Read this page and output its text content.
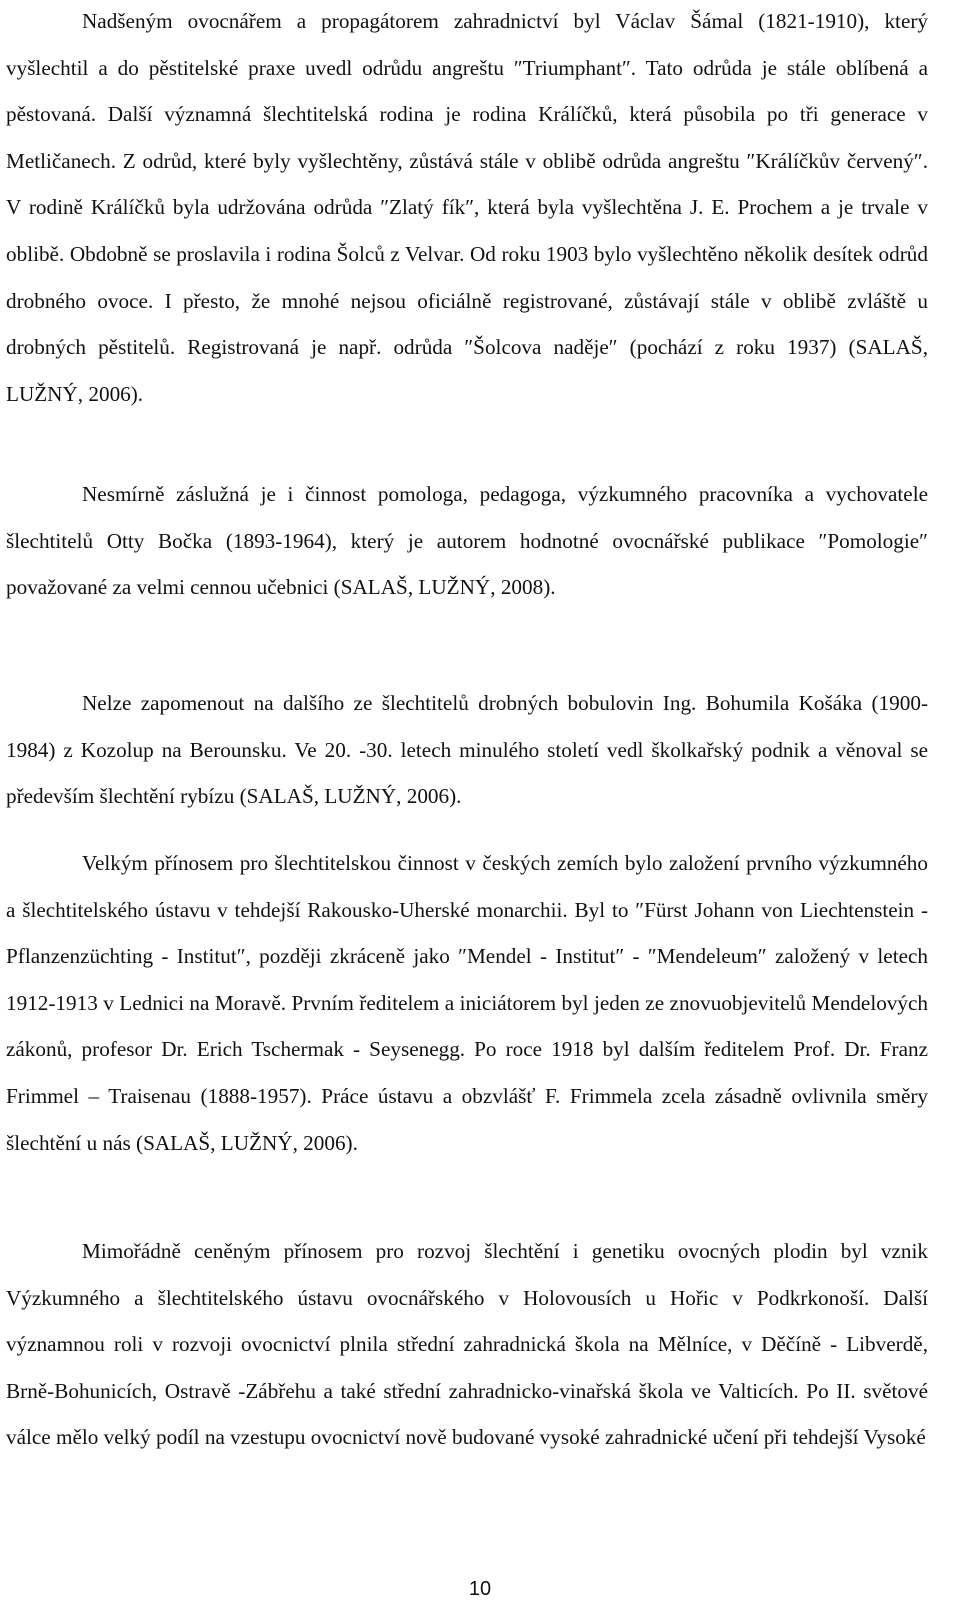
Nadšeným ovocnářem a propagátorem zahradnictví byl Václav Šámal (1821-1910), který vyšlechtil a do pěstitelské praxe uvedl odrůdu angreštu ″Triumphant″. Tato odrůda je stále oblíbená a pěstovaná. Další významná šlechtitelská rodina je rodina Králíčků, která působila po tři generace v Metličanech. Z odrůd, které byly vyšlechtěny, zůstává stále v oblibě odrůda angreštu ″Králíčkův červený″. V rodině Králíčků byla udržována odrůda ″Zlatý fík″, která byla vyšlechtěna J. E. Prochem a je trvale v oblibě. Obdobně se proslavila i rodina Šolců z Velvar. Od roku 1903 bylo vyšlechtěno několik desítek odrůd drobného ovoce. I přesto, že mnohé nejsou oficiálně registrované, zůstávají stále v oblibě zvláště u drobných pěstitelů. Registrovaná je např. odrůda ″Šolcova naděje″ (pochází z roku 1937) (SALAŠ, LUŽNÝ, 2006).

Nesmírně záslužná je i činnost pomologa, pedagoga, výzkumného pracovníka a vychovatele šlechtitelů Otty Bočka (1893-1964), který je autorem hodnotné ovocnářské publikace ″Pomologie″ považované za velmi cennou učebnici (SALAŠ, LUŽNÝ, 2008).

Nelze zapomenout na dalšího ze šlechtitelů drobných bobulovin Ing. Bohumila Košáka (1900-1984) z Kozolup na Berounsku. Ve 20. -30. letech minulého století vedl školkařský podnik a věnoval se především šlechtění rybízu (SALAŠ, LUŽNÝ, 2006).

Velkým přínosem pro šlechtitelskou činnost v českých zemích bylo založení prvního výzkumného a šlechtitelského ústavu v tehdejší Rakousko-Uherské monarchii. Byl to ″Fürst Johann von Liechtenstein - Pflanzenzüchting - Institut″, později zkráceně jako ″Mendel - Institut″ - ″Mendeleum″ založený v letech 1912-1913 v Lednici na Moravě. Prvním ředitelem a iniciátorem byl jeden ze znovuobjevitelů Mendelových zákonů, profesor Dr. Erich Tschermak - Seysenegg. Po roce 1918 byl dalším ředitelem Prof. Dr. Franz Frimmel – Traisenau (1888-1957). Práce ústavu a obzvlášť F. Frimmela zcela zásadně ovlivnila směry šlechtění u nás (SALAŠ, LUŽNÝ, 2006).

Mimořádně ceněným přínosem pro rozvoj šlechtění i genetiku ovocných plodin byl vznik Výzkumného a šlechtitelského ústavu ovocnářského v Holovousích u Hořic v Podkrkonoší. Další významnou roli v rozvoji ovocnictví plnila střední zahradnická škola na Mělníce, v Děčíně - Libverdě, Brně-Bohunicích, Ostravě -Zábřehu a také střední zahradnicko-vinařská škola ve Valticích. Po II. světové válce mělo velký podíl na vzestupu ovocnictví nově budované vysoké zahradnické učení při tehdejší Vysoké

10
